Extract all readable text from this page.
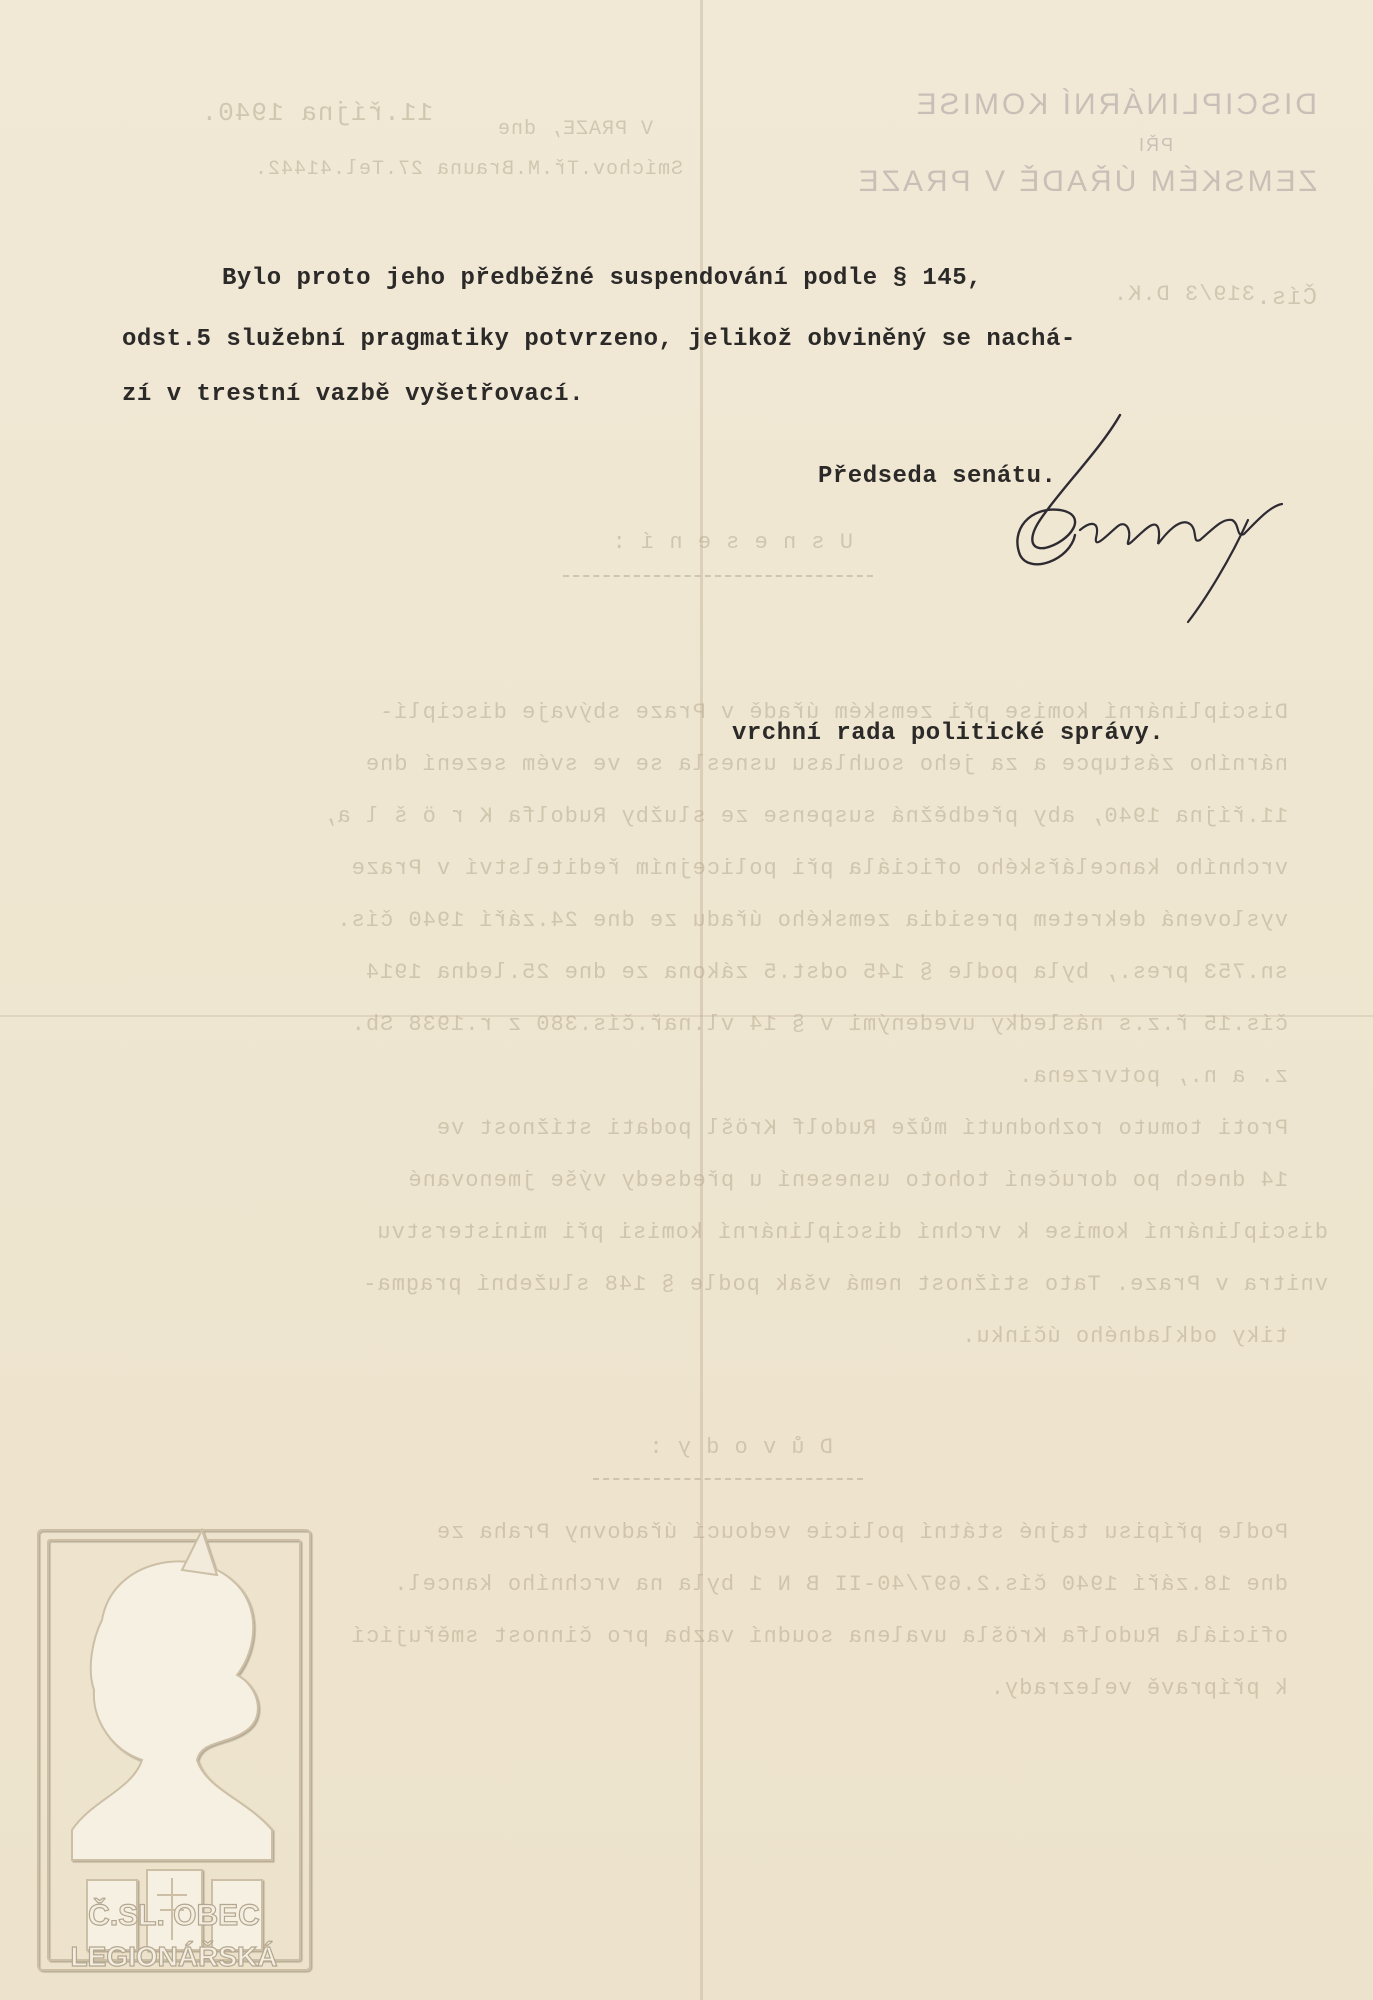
DISCIPLINÁRNÍ KOMISE
PŘI
ZEMSKÉM ÚŘADĚ V PRAZE
Čís.
319/3 D.K.
V PRAZE, dne
11.října 1940.
Smíchov.Tř.M.Brauna 27.Tel.41442.
U s n e s e n í :
Disciplinární komise při zemském úřadě v Praze sbývaje disciplí-
nárního zástupce a za jeho souhlasu usnesla se ve svém sezení dne
11.října 1940, aby předběžná suspense ze služby Rudolfa K r ö š l a,
vrchního kancelářského oficiála při policejním ředitelství v Praze
vyslovená dekretem presidia zemského úřadu ze dne 24.září 1940 čís.
sn.753 pres., byla podle § 145 odst.5 zákona ze dne 25.ledna 1914
čís.15 ř.z.s následky uvedenými v § 14 vl.nař.čís.380 z r.1938 Sb.
z. a n., potvrzena.
Proti tomuto rozhodnutí může Rudolf Kröšl podati stížnost ve
14 dnech po doručení tohoto usnesení u předsedy výše jmenované
disciplinární komise k vrchní disciplinární komisi při ministerstvu
vnitra v Praze. Tato stížnost nemá však podle § 148 služební pragma-
tiky odkladného účinku.
D ů v o d y :
Podle přípisu tajné státní policie vedoucí úřadovny Praha ze
dne 18.září 1940 čís.2.697/40-II B N 1 byla na vrchního kancel.
oficiála Rudolfa Kröšla uvalena soudní vazba pro činnost směřující
k přípravě velezrady.
Bylo proto jeho předběžné suspendování podle § 145,
odst.5 služební pragmatiky potvrzeno, jelikož obviněný se nachá-
zí v trestní vazbě vyšetřovací.
Předseda senátu.
vrchní rada politické správy.
Č.SL. OBEC
LEGIONÁŘSKÁ
